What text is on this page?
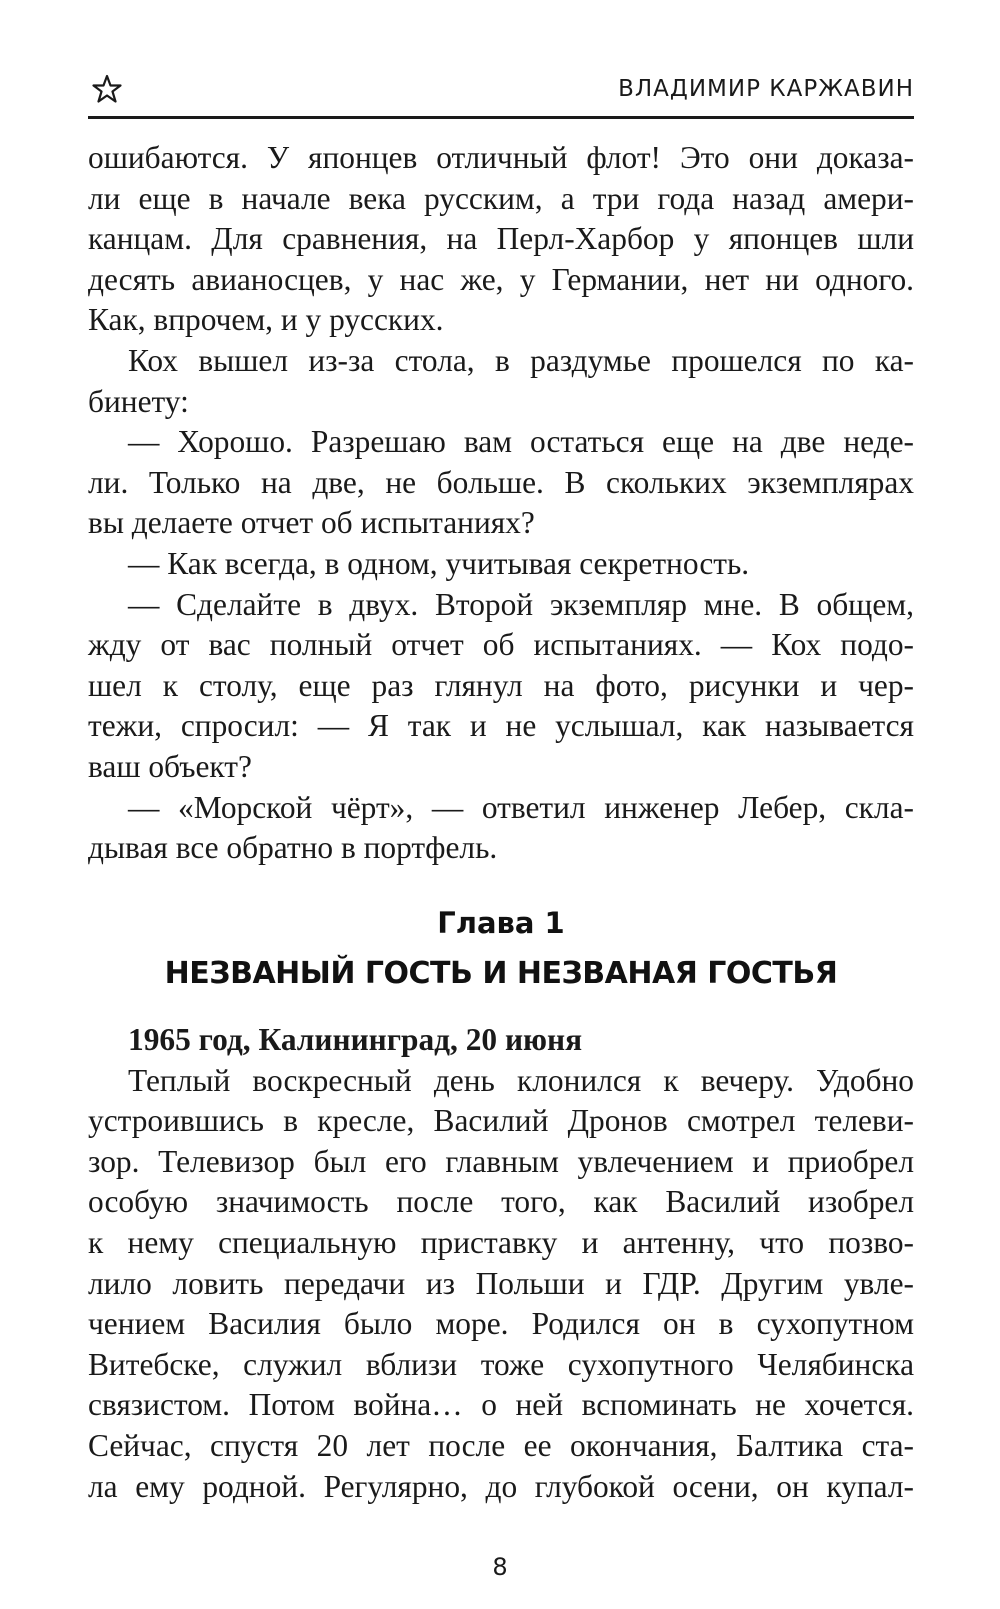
ВЛАДИМИР КАРЖАВИН
ошибаются. У японцев отличный флот! Это они доказа-
ли еще в начале века русским, а три года назад амери-
канцам. Для сравнения, на Перл-Харбор у японцев шли
десять авианосцев, у нас же, у Германии, нет ни одного.
Как, впрочем, и у русских.
Кох вышел из-за стола, в раздумье прошелся по ка-
бинету:
— Хорошо. Разрешаю вам остаться еще на две неде-
ли. Только на две, не больше. В скольких экземплярах
вы делаете отчет об испытаниях?
— Как всегда, в одном, учитывая секретность.
— Сделайте в двух. Второй экземпляр мне. В общем,
жду от вас полный отчет об испытаниях. — Кох подо-
шел к столу, еще раз глянул на фото, рисунки и чер-
тежи, спросил: — Я так и не услышал, как называется
ваш объект?
— «Морской чёрт», — ответил инженер Лебер, скла-
дывая все обратно в портфель.
Глава 1
НЕЗВАНЫЙ ГОСТЬ И НЕЗВАНАЯ ГОСТЬЯ
1965 год, Калининград, 20 июня
Теплый воскресный день клонился к вечеру. Удобно
устроившись в кресле, Василий Дронов смотрел телеви-
зор. Телевизор был его главным увлечением и приобрел
особую значимость после того, как Василий изобрел
к нему специальную приставку и антенну, что позво-
лило ловить передачи из Польши и ГДР. Другим увле-
чением Василия было море. Родился он в сухопутном
Витебске, служил вблизи тоже сухопутного Челябинска
связистом. Потом война… о ней вспоминать не хочется.
Сейчас, спустя 20 лет после ее окончания, Балтика ста-
ла ему родной. Регулярно, до глубокой осени, он купал-
8
